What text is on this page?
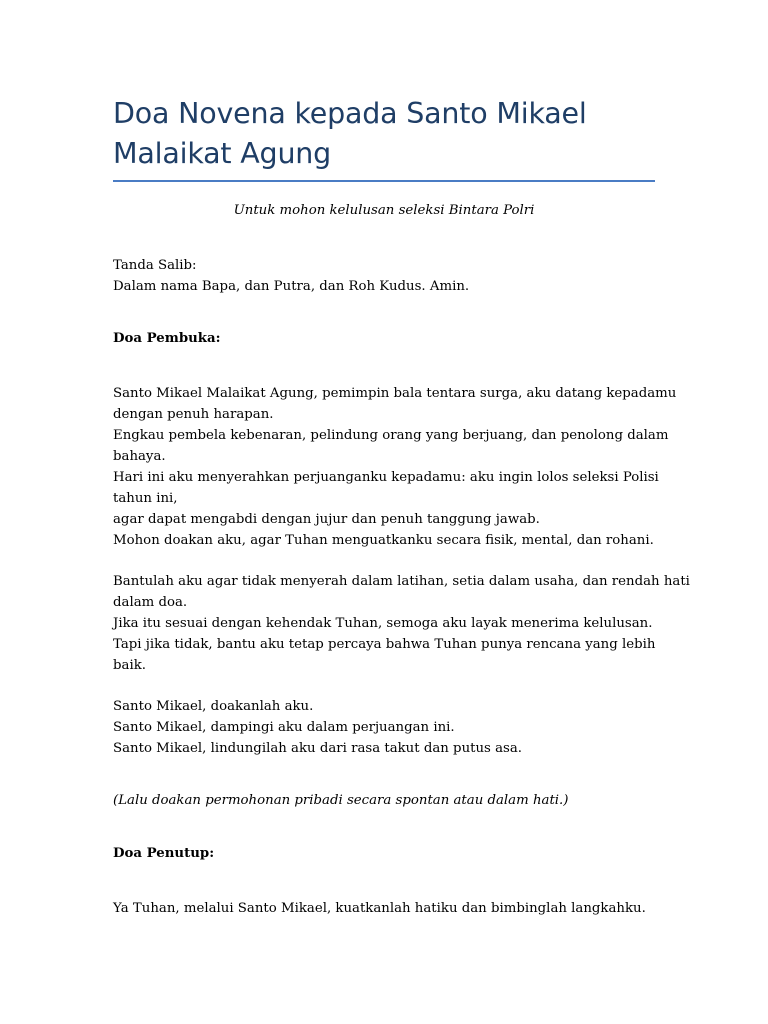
Doa Novena kepada Santo Mikael
Malaikat Agung
Untuk mohon kelulusan seleksi Bintara Polri
Tanda Salib:
Dalam nama Bapa, dan Putra, dan Roh Kudus. Amin.
Doa Pembuka:
Santo Mikael Malaikat Agung, pemimpin bala tentara surga, aku datang kepadamu
dengan penuh harapan.
Engkau pembela kebenaran, pelindung orang yang berjuang, dan penolong dalam
bahaya.
Hari ini aku menyerahkan perjuanganku kepadamu: aku ingin lolos seleksi Polisi
tahun ini,
agar dapat mengabdi dengan jujur dan penuh tanggung jawab.
Mohon doakan aku, agar Tuhan menguatkanku secara fisik, mental, dan rohani.
Bantulah aku agar tidak menyerah dalam latihan, setia dalam usaha, dan rendah hati
dalam doa.
Jika itu sesuai dengan kehendak Tuhan, semoga aku layak menerima kelulusan.
Tapi jika tidak, bantu aku tetap percaya bahwa Tuhan punya rencana yang lebih
baik.
Santo Mikael, doakanlah aku.
Santo Mikael, dampingi aku dalam perjuangan ini.
Santo Mikael, lindungilah aku dari rasa takut dan putus asa.
(Lalu doakan permohonan pribadi secara spontan atau dalam hati.)
Doa Penutup:
Ya Tuhan, melalui Santo Mikael, kuatkanlah hatiku dan bimbinglah langkahku.
